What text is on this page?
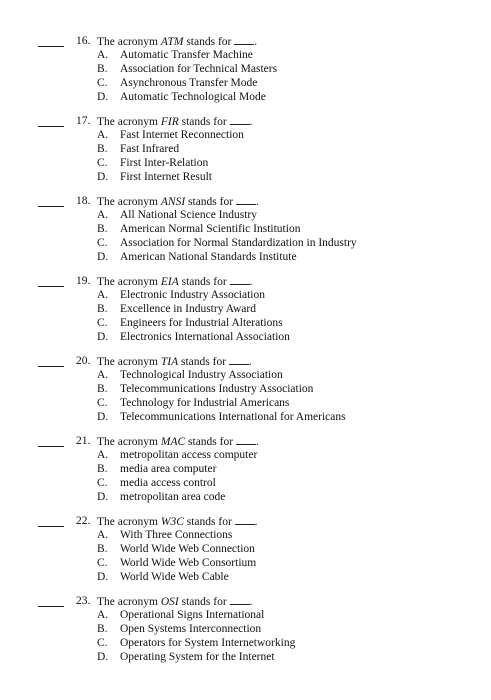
16. The acronym ATM stands for .
A. Automatic Transfer Machine
B. Association for Technical Masters
C. Asynchronous Transfer Mode
D. Automatic Technological Mode
17. The acronym FIR stands for .
A. Fast Internet Reconnection
B. Fast Infrared
C. First Inter-Relation
D. First Internet Result
18. The acronym ANSI stands for .
A. All National Science Industry
B. American Normal Scientific Institution
C. Association for Normal Standardization in Industry
D. American National Standards Institute
19. The acronym EIA stands for .
A. Electronic Industry Association
B. Excellence in Industry Award
C. Engineers for Industrial Alterations
D. Electronics International Association
20. The acronym TIA stands for .
A. Technological Industry Association
B. Telecommunications Industry Association
C. Technology for Industrial Americans
D. Telecommunications International for Americans
21. The acronym MAC stands for .
A. metropolitan access computer
B. media area computer
C. media access control
D. metropolitan area code
22. The acronym W3C stands for .
A. With Three Connections
B. World Wide Web Connection
C. World Wide Web Consortium
D. World Wide Web Cable
23. The acronym OSI stands for .
A. Operational Signs International
B. Open Systems Interconnection
C. Operators for System Internetworking
D. Operating System for the Internet
